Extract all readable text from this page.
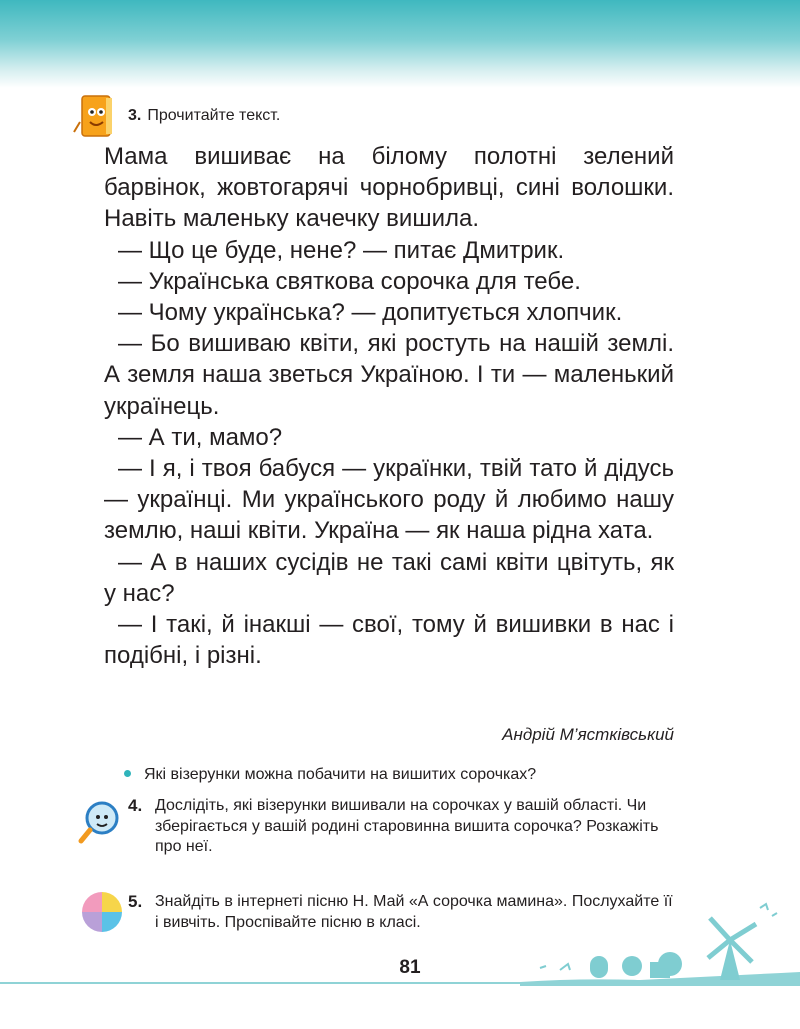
3. Прочитайте текст.

Мама вишиває на білому полотні зелений барвінок, жовтогарячі чорнобривці, сині волошки. Навіть маленьку качечку вишила.

— Що це буде, нене? — питає Дмитрик.

— Українська святкова сорочка для тебе.

— Чому українська? — допитується хлопчик.

— Бо вишиваю квіти, які ростуть на нашій землі. А земля наша зветься Україною. І ти — маленький українець.

— А ти, мамо?

— І я, і твоя бабуся — українки, твій тато й дідусь — українці. Ми українського роду й любимо нашу землю, наші квіти. Україна — як наша рідна хата.

— А в наших сусідів не такі самі квіти цвітуть, як у нас?

— І такі, й інакші — свої, тому й вишивки в нас і подібні, і різні.

Андрій М’ястківський
Які візерунки можна побачити на вишитих сорочках?
4. Дослідіть, які візерунки вишивали на сорочках у вашій області. Чи зберігається у вашій родині старовинна вишита сорочка? Розкажіть про неї.
5. Знайдіть в інтернеті пісню Н. Май «А сорочка мамина». Послухайте її і вивчіть. Проспівайте пісню в класі.
81
